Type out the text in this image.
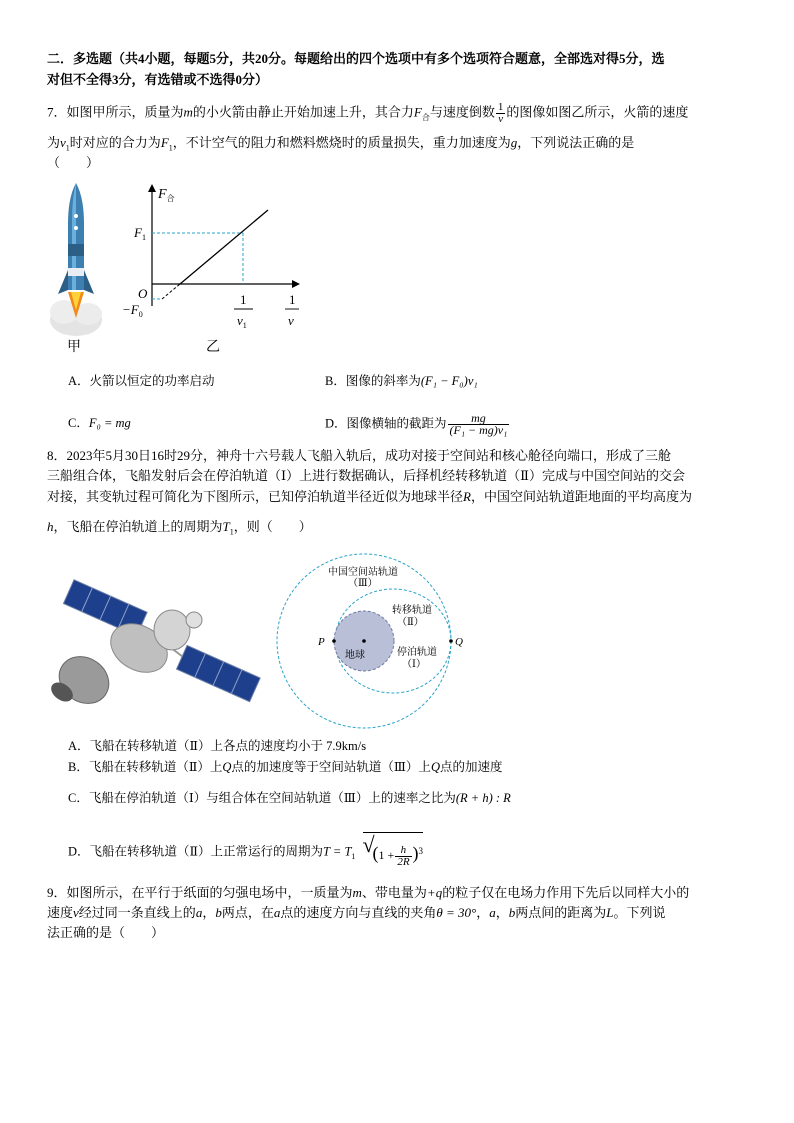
二．多选题（共4小题，每题5分，共20分。每题给出的四个选项中有多个选项符合题意，全部选对得5分，选
对但不全得3分，有选错或不选得0分）
7．如图甲所示，质量为m的小火箭由静止开始加速上升，其合力$F_合$与速度倒数 $\frac{1}{v}$ 的图像如图乙所示，火箭的速度
为$v_1$时对应的合力为$F_1$，不计空气的阻力和燃料燃烧时的质量损失，重力加速度为g，下列说法正确的是
（　　）
甲
$F_合$
$F_1$
O
$-F_0$
1
$v_1$
1
v
乙
A．火箭以恒定的功率启动	B．图像的斜率为(F₁ − F₀)v₁
C．F₀ = mg	D．图像横轴的截距为 $\frac{mg}{\text{(F₁ − mg)v₁}}$
8．2023年5月30日16时29分，神舟十六号载人飞船入轨后，成功对接于空间站和核心舱径向端口，形成了三舱
三船组合体，飞船发射后会在停泊轨道（Ⅰ）上进行数据确认，后择机经转移轨道（Ⅱ）完成与中国空间站的交会
对接，其变轨过程可简化为下图所示，已知停泊轨道半径近似为地球半径R，中国空间站轨道距地面的平均高度为
h，飞船在停泊轨道上的周期为$T_1$，则（　　）
中国空间站轨道
（Ⅲ）
转移轨道
（Ⅱ）
停泊轨道
（Ⅰ）
地球
P	Q
A．飞船在转移轨道（Ⅱ）上各点的速度均小于 7.9km/s
B．飞船在转移轨道（Ⅱ）上Q点的加速度等于空间站轨道（Ⅲ）上Q点的加速度
C．飞船在停泊轨道（Ⅰ）与组合体在空间站轨道（Ⅲ）上的速率之比为(R + h) : R
D．飞船在转移轨道（Ⅱ）上正常运行的周期为$T = T_1$ √
$(1 + \frac{h}{2R} )^3$
9．如图所示，在平行于纸面的匀强电场中，一质量为m、带电量为+q的粒子仅在电场力作用下先后以同样大小的
速度v经过同一条直线上的a，b两点，在a点的速度方向与直线的夹角θ = 30°，a，b两点间的距离为L。下列说
法正确的是（　　）
